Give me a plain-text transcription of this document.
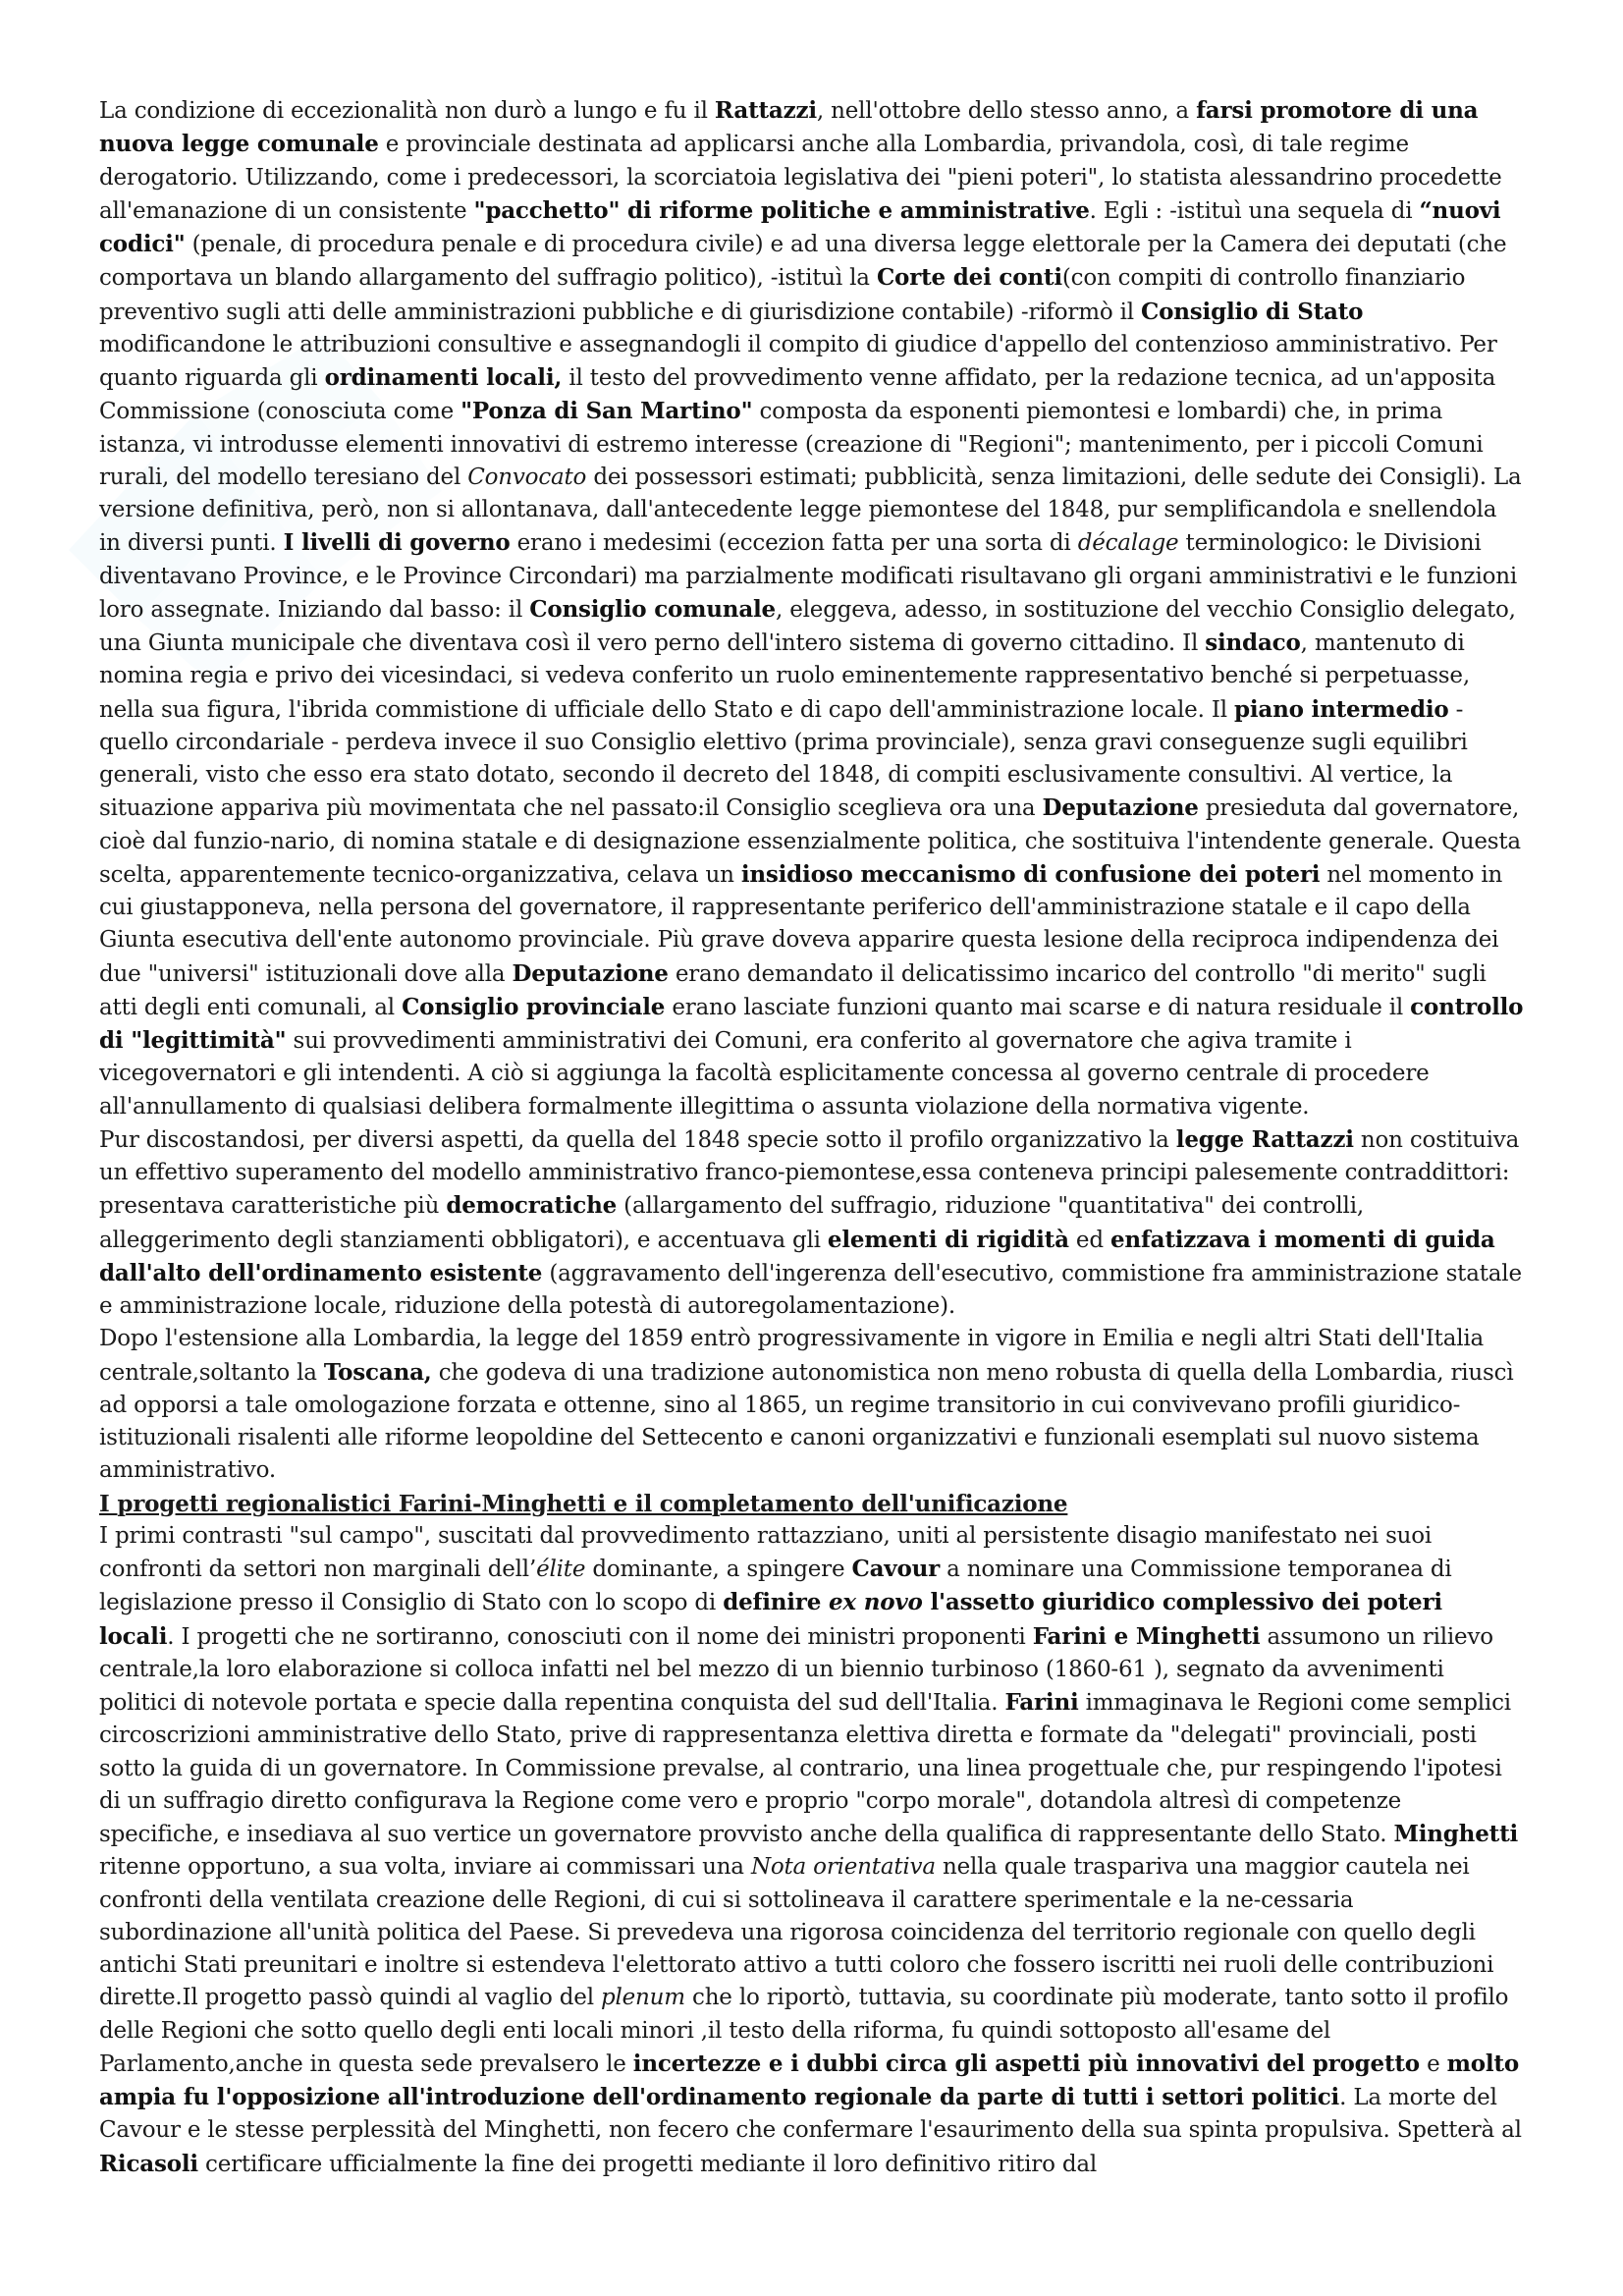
La condizione di eccezionalità non durò a lungo e fu il Rattazzi, nell'ottobre dello stesso anno, a farsi promotore di una nuova legge comunale e provinciale destinata ad applicarsi anche alla Lombardia, privandola, così, di tale regime derogatorio. Utilizzando, come i predecessori, la scorciatoia legislativa dei "pieni poteri", lo statista alessandrino procedette all'emanazione di un consistente "pacchetto" di riforme politiche e amministrative. Egli : -istituì una sequela di “nuovi codici" (penale, di procedura penale e di procedura civile) e ad una diversa legge elettorale per la Camera dei deputati (che comportava un blando allargamento del suffragio politico), -istituì la Corte dei conti(con compiti di controllo finanziario preventivo sugli atti delle amministrazioni pubbliche e di giurisdizione contabile) -riformò il Consiglio di Stato modificandone le attribuzioni consultive e assegnandogli il compito di giudice d'appello del contenzioso amministrativo. Per quanto riguarda gli ordinamenti locali, il testo del provvedimento venne affidato, per la redazione tecnica, ad un'apposita Commissione (conosciuta come "Ponza di San Martino" composta da esponenti piemontesi e lombardi) che, in prima istanza, vi introdusse elementi innovativi di estremo interesse (creazione di "Regioni"; mantenimento, per i piccoli Comuni rurali, del modello teresiano del Convocato dei possessori estimati; pubblicità, senza limitazioni, delle sedute dei Consigli). La versione definitiva, però, non si allontanava, dall'antecedente legge piemontese del 1848, pur semplificandola e snellendola in diversi punti. I livelli di governo erano i medesimi (eccezion fatta per una sorta di décalage terminologico: le Divisioni diventavano Province, e le Province Circondari) ma parzialmente modificati risultavano gli organi amministrativi e le funzioni loro assegnate. Iniziando dal basso: il Consiglio comunale, eleggeva, adesso, in sostituzione del vecchio Consiglio delegato, una Giunta municipale che diventava così il vero perno dell'intero sistema di governo cittadino. Il sindaco, mantenuto di nomina regia e privo dei vicesindaci, si vedeva conferito un ruolo eminentemente rappresentativo benché si perpetuasse, nella sua figura, l'ibrida commistione di ufficiale dello Stato e di capo dell'amministrazione locale. Il piano intermedio - quello circondariale - perdeva invece il suo Consiglio elettivo (prima provinciale), senza gravi conseguenze sugli equilibri generali, visto che esso era stato dotato, secondo il decreto del 1848, di compiti esclusivamente consultivi. Al vertice, la situazione appariva più movimentata che nel passato:il Consiglio sceglieva ora una Deputazione presieduta dal governatore, cioè dal funzio-nario, di nomina statale e di designazione essenzialmente politica, che sostituiva l'intendente generale. Questa scelta, apparentemente tecnico-organizzativa, celava un insidioso meccanismo di confusione dei poteri nel momento in cui giustapponeva, nella persona del governatore, il rappresentante periferico dell'amministrazione statale e il capo della Giunta esecutiva dell'ente autonomo provinciale. Più grave doveva apparire questa lesione della reciproca indipendenza dei due "universi" istituzionali dove alla Deputazione erano demandato il delicatissimo incarico del controllo "di merito" sugli atti degli enti comunali, al Consiglio provinciale erano lasciate funzioni quanto mai scarse e di natura residuale il controllo di "legittimità" sui provvedimenti amministrativi dei Comuni, era conferito al governatore che agiva tramite i vicegovernatori e gli intendenti. A ciò si aggiunga la facoltà esplicitamente concessa al governo centrale di procedere all'annullamento di qualsiasi delibera formalmente illegittima o assunta violazione della normativa vigente.

Pur discostandosi, per diversi aspetti, da quella del 1848 specie sotto il profilo organizzativo la legge Rattazzi non costituiva un effettivo superamento del modello amministrativo franco-piemontese,essa conteneva principi palesemente contraddittori: presentava caratteristiche più democratiche (allargamento del suffragio, riduzione "quantitativa" dei controlli, alleggerimento degli stanziamenti obbligatori), e accentuava gli elementi di rigidità ed enfatizzava i momenti di guida dall'alto dell'ordinamento esistente (aggravamento dell'ingerenza dell'esecutivo, commistione fra amministrazione statale e amministrazione locale, riduzione della potestà di autoregolamentazione).

Dopo l'estensione alla Lombardia, la legge del 1859 entrò progressivamente in vigore in Emilia e negli altri Stati dell'Italia centrale,soltanto la Toscana, che godeva di una tradizione autonomistica non meno robusta di quella della Lombardia, riuscì ad opporsi a tale omologazione forzata e ottenne, sino al 1865, un regime transitorio in cui convivevano profili giuridico-istituzionali risalenti alle riforme leopoldine del Settecento e canoni organizzativi e funzionali esemplati sul nuovo sistema amministrativo.

I progetti regionalistici Farini-Minghetti e il completamento dell'unificazione

I primi contrasti "sul campo", suscitati dal provvedimento rattazziano, uniti al persistente disagio manifestato nei suoi confronti da settori non marginali dell’élite dominante, a spingere Cavour a nominare una Commissione temporanea di legislazione presso il Consiglio di Stato con lo scopo di definire ex novo l'assetto giuridico complessivo dei poteri locali. I progetti che ne sortiranno, conosciuti con il nome dei ministri proponenti Farini e Minghetti assumono un rilievo centrale,la loro elaborazione si colloca infatti nel bel mezzo di un biennio turbinoso (1860-61 ), segnato da avvenimenti politici di notevole portata e specie dalla repentina conquista del sud dell'Italia. Farini immaginava le Regioni come semplici circoscrizioni amministrative dello Stato, prive di rappresentanza elettiva diretta e formate da "delegati" provinciali, posti sotto la guida di un governatore. In Commissione prevalse, al contrario, una linea progettuale che, pur respingendo l'ipotesi di un suffragio diretto configurava la Regione come vero e proprio "corpo morale", dotandola altresì di competenze specifiche, e insediava al suo vertice un governatore provvisto anche della qualifica di rappresentante dello Stato. Minghetti ritenne opportuno, a sua volta, inviare ai commissari una Nota orientativa nella quale traspariva una maggior cautela nei confronti della ventilata creazione delle Regioni, di cui si sottolineava il carattere sperimentale e la ne-cessaria subordinazione all'unità politica del Paese. Si prevedeva una rigorosa coincidenza del territorio regionale con quello degli antichi Stati preunitari e inoltre si estendeva l'elettorato attivo a tutti coloro che fossero iscritti nei ruoli delle contribuzioni dirette.Il progetto passò quindi al vaglio del plenum che lo riportò, tuttavia, su coordinate più moderate, tanto sotto il profilo delle Regioni che sotto quello degli enti locali minori ,il testo della riforma, fu quindi sottoposto all'esame del Parlamento,anche in questa sede prevalsero le incertezze e i dubbi circa gli aspetti più innovativi del progetto e molto ampia fu l'opposizione all'introduzione dell'ordinamento regionale da parte di tutti i settori politici. La morte del Cavour e le stesse perplessità del Minghetti, non fecero che confermare l'esaurimento della sua spinta propulsiva. Spetterà al Ricasoli certificare ufficialmente la fine dei progetti mediante il loro definitivo ritiro dal
